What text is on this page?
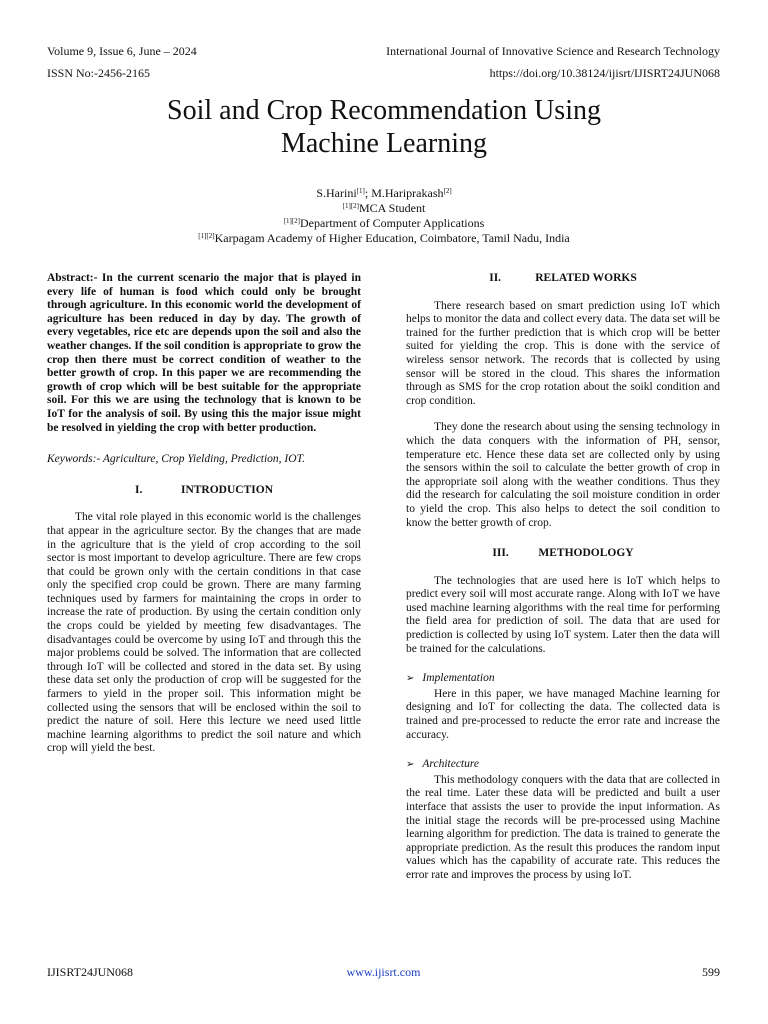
Volume 9, Issue 6, June – 2024	International Journal of Innovative Science and Research Technology
ISSN No:-2456-2165	https://doi.org/10.38124/ijisrt/IJISRT24JUN068
Soil and Crop Recommendation Using
Machine Learning
S.Harini[1]; M.Hariprakash[2]
[1][2]MCA Student
[1][2]Department of Computer Applications
[1][2]Karpagam Academy of Higher Education, Coimbatore, Tamil Nadu, India

Abstract:- In the current scenario the major that is played in every life of human is food which could only be brought through agriculture. In this economic world the development of agriculture has been reduced in day by day. The growth of every vegetables, rice etc are depends upon the soil and also the weather changes. If the soil condition is appropriate to grow the crop then there must be correct condition of weather to the better growth of crop. In this paper we are recommending the growth of crop which will be best suitable for the appropriate soil. For this we are using the technology that is known to be IoT for the analysis of soil. By using this the major issue might be resolved in yielding the crop with better production.

Keywords:- Agriculture, Crop Yielding, Prediction, IOT.

I.	INTRODUCTION

The vital role played in this economic world is the challenges that appear in the agriculture sector. By the changes that are made in the agriculture that is the yield of crop according to the soil sector is most important to develop agriculture. There are few crops that could be grown only with the certain conditions in that case only the specified crop could be grown. There are many farming techniques used by farmers for maintaining the crops in order to increase the rate of production. By using the certain condition only the crops could be yielded by meeting few disadvantages. The disadvantages could be overcome by using IoT and through this the major problems could be solved. The information that are collected through IoT will be collected and stored in the data set. By using these data set only the production of crop will be suggested for the farmers to yield in the proper soil. This information might be collected using the sensors that will be enclosed within the soil to predict the nature of soil. Here this lecture we need used little machine learning algorithms to predict the soil nature and which crop will yield the best.

II.	RELATED WORKS

There research based on smart prediction using IoT which helps to monitor the data and collect every data. The data set will be trained for the further prediction that is which crop will be better suited for yielding the crop. This is done with the service of wireless sensor network. The records that is collected by using sensor will be stored in the cloud. This shares the information through as SMS for the crop rotation about the soikl condition and crop condition.

They done the research about using the sensing technology in which the data conquers with the information of PH, sensor, temperature etc. Hence these data set are collected only by using the sensors within the soil to calculate the better growth of crop in the appropriate soil along with the weather conditions. Thus they did the research for calculating the soil moisture condition in order to yield the crop. This also helps to detect the soil condition to know the better growth of crop.

III.	METHODOLOGY

The technologies that are used here is IoT which helps to predict every soil will most accurate range. Along with IoT we have used machine learning algorithms with the real time for performing the field area for prediction of soil. The data that are used for prediction is collected by using IoT system. Later then the data will be trained for the calculations.

➢ Implementation

Here in this paper, we have managed Machine learning for designing and IoT for collecting the data. The collected data is trained and pre-processed to reducte the error rate and increase the accuracy.

➢ Architecture

This methodology conquers with the data that are collected in the real time. Later these data will be predicted and built a user interface that assists the user to provide the input information. As the initial stage the records will be pre-processed using Machine learning algorithm for prediction. The data is trained to generate the appropriate prediction. As the result this produces the random input values which has the capability of accurate rate. This reduces the error rate and improves the process by using IoT.

IJISRT24JUN068	www.ijisrt.com	599
